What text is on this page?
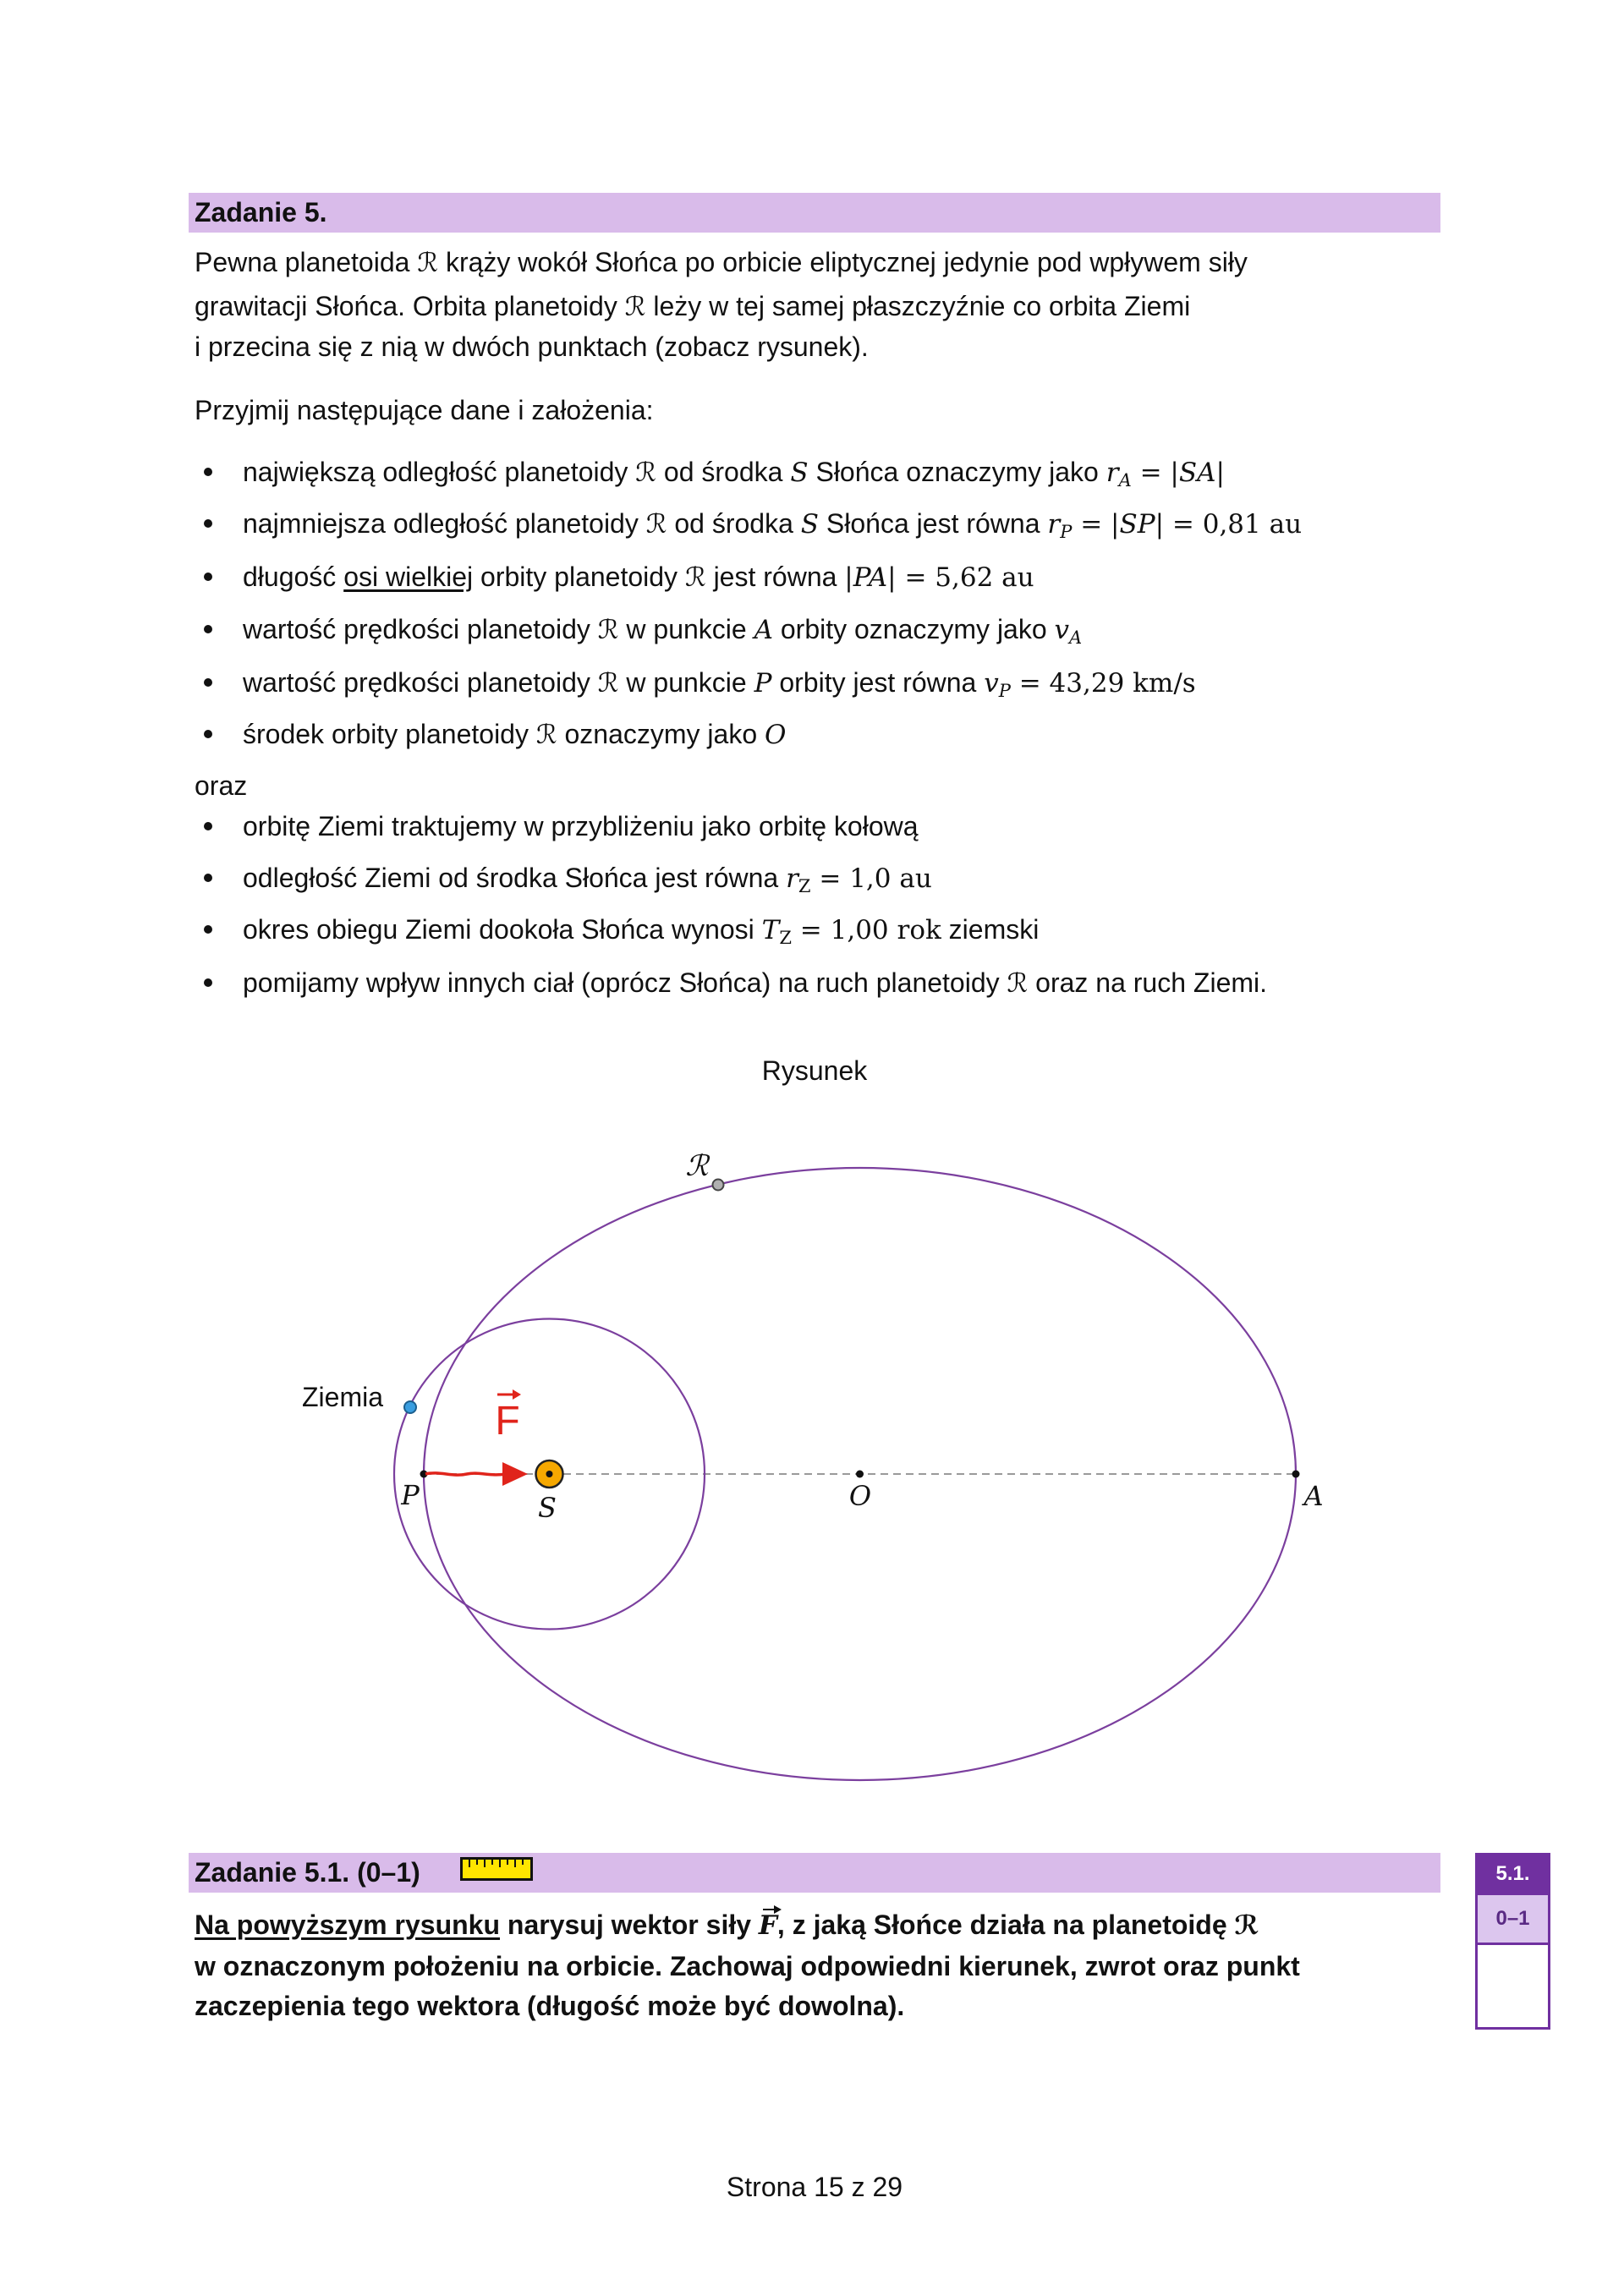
Zadanie 5.
Pewna planetoida ℛ krąży wokół Słońca po orbicie eliptycznej jedynie pod wpływem siły
grawitacji Słońca. Orbita planetoidy ℛ leży w tej samej płaszczyźnie co orbita Ziemi
i przecina się z nią w dwóch punktach (zobacz rysunek).
Przyjmij następujące dane i założenia:
największą odległość planetoidy ℛ od środka S Słońca oznaczymy jako $r_A = |SA|$
najmniejsza odległość planetoidy ℛ od środka S Słońca jest równa $r_P = |SP| = 0,81$ au
długość osi wielkiej orbity planetoidy ℛ jest równa |PA| = 5,62 au
wartość prędkości planetoidy ℛ w punkcie A orbity oznaczymy jako $v_A$
wartość prędkości planetoidy ℛ w punkcie P orbity jest równa $v_P = 43,29$ km/s
środek orbity planetoidy ℛ oznaczymy jako O
oraz
orbitę Ziemi traktujemy w przybliżeniu jako orbitę kołową
odległość Ziemi od środka Słońca jest równa rZ = 1,0 au
okres obiegu Ziemi dookoła Słońca wynosi TZ = 1,00 rok ziemski
pomijamy wpływ innych ciał (oprócz Słońca) na ruch planetoidy ℛ oraz na ruch Ziemi.
Rysunek
F
ℛ
Ziemia
P	S	O	A
Zadanie 5.1. (0–1)
Na powyższym rysunku narysuj wektor siły F, z jaką Słońce działa na planetoidę ℛ
w oznaczonym położeniu na orbicie. Zachowaj odpowiedni kierunek, zwrot oraz punkt
zaczepienia tego wektora (długość może być dowolna).
5.1.
0–1
Strona 15 z 29
